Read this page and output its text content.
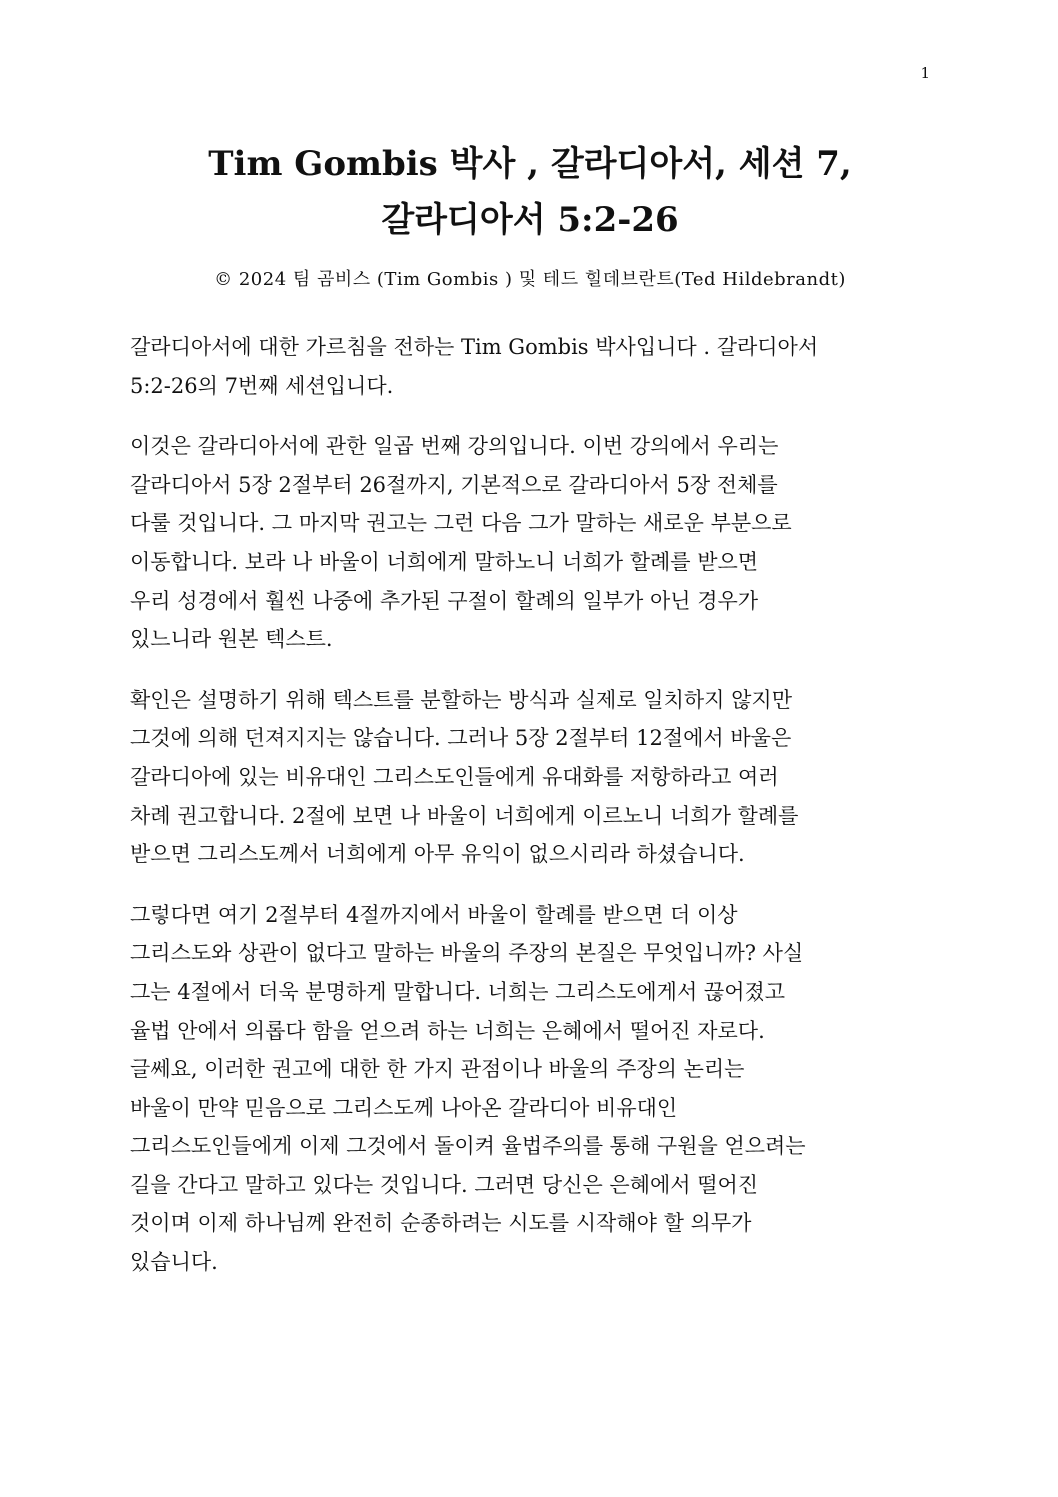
1
Tim Gombis 박사 , 갈라디아서, 세션 7,
갈라디아서 5:2-26
© 2024 팀 곰비스 (Tim Gombis ) 및 테드 힐데브란트(Ted Hildebrandt)

갈라디아서에 대한 가르침을 전하는 Tim Gombis 박사입니다 . 갈라디아서
5:2-26의 7번째 세션입니다.

이것은 갈라디아서에 관한 일곱 번째 강의입니다. 이번 강의에서 우리는
갈라디아서 5장 2절부터 26절까지, 기본적으로 갈라디아서 5장 전체를
다룰 것입니다. 그 마지막 권고는 그런 다음 그가 말하는 새로운 부분으로
이동합니다. 보라 나 바울이 너희에게 말하노니 너희가 할례를 받으면
우리 성경에서 훨씬 나중에 추가된 구절이 할례의 일부가 아닌 경우가
있느니라 원본 텍스트.

확인은 설명하기 위해 텍스트를 분할하는 방식과 실제로 일치하지 않지만
그것에 의해 던져지지는 않습니다. 그러나 5장 2절부터 12절에서 바울은
갈라디아에 있는 비유대인 그리스도인들에게 유대화를 저항하라고 여러
차례 권고합니다. 2절에 보면 나 바울이 너희에게 이르노니 너희가 할례를
받으면 그리스도께서 너희에게 아무 유익이 없으시리라 하셨습니다.

그렇다면 여기 2절부터 4절까지에서 바울이 할례를 받으면 더 이상
그리스도와 상관이 없다고 말하는 바울의 주장의 본질은 무엇입니까? 사실
그는 4절에서 더욱 분명하게 말합니다. 너희는 그리스도에게서 끊어졌고
율법 안에서 의롭다 함을 얻으려 하는 너희는 은혜에서 떨어진 자로다.
글쎄요, 이러한 권고에 대한 한 가지 관점이나 바울의 주장의 논리는
바울이 만약 믿음으로 그리스도께 나아온 갈라디아 비유대인
그리스도인들에게 이제 그것에서 돌이켜 율법주의를 통해 구원을 얻으려는
길을 간다고 말하고 있다는 것입니다. 그러면 당신은 은혜에서 떨어진
것이며 이제 하나님께 완전히 순종하려는 시도를 시작해야 할 의무가
있습니다.
